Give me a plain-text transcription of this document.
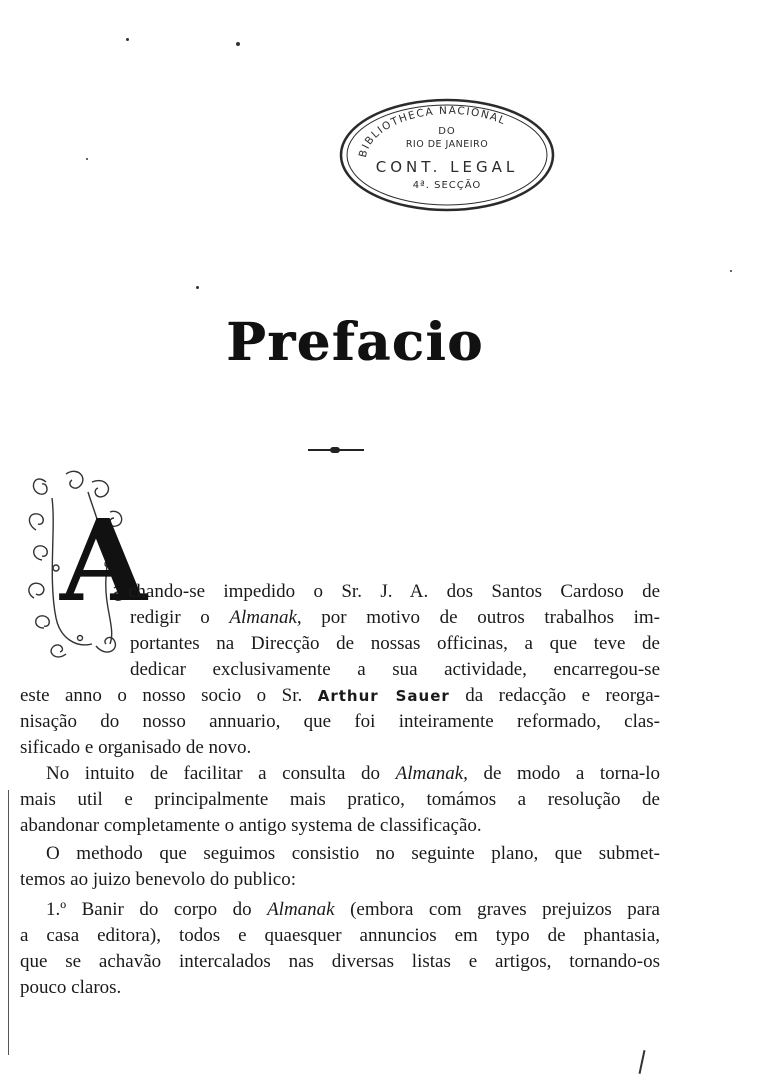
BIBLIOTHECA NACIONAL
DO
RIO DE JANEIRO
CONT. LEGAL
4ª. SECÇÃO
Prefacio
A
chando-se impedido o Sr. J. A. dos Santos Cardoso de
redigir o Almanak, por motivo de outros trabalhos im-
portantes na Direcção de nossas officinas, a que teve de
dedicar exclusivamente a sua actividade, encarregou-se
este anno o nosso socio o Sr. Arthur Sauer da redacção e reorga-
nisação do nosso annuario, que foi inteiramente reformado, clas-
sificado e organisado de novo.
No intuito de facilitar a consulta do Almanak, de modo a torna-lo
mais util e principalmente mais pratico, tomámos a resolução de
abandonar completamente o antigo systema de classificação.
O methodo que seguimos consistio no seguinte plano, que submet-
temos ao juizo benevolo do publico:
1.º Banir do corpo do Almanak (embora com graves prejuizos para
a casa editora), todos e quaesquer annuncios em typo de phantasia,
que se achavão intercalados nas diversas listas e artigos, tornando-os
pouco claros.
